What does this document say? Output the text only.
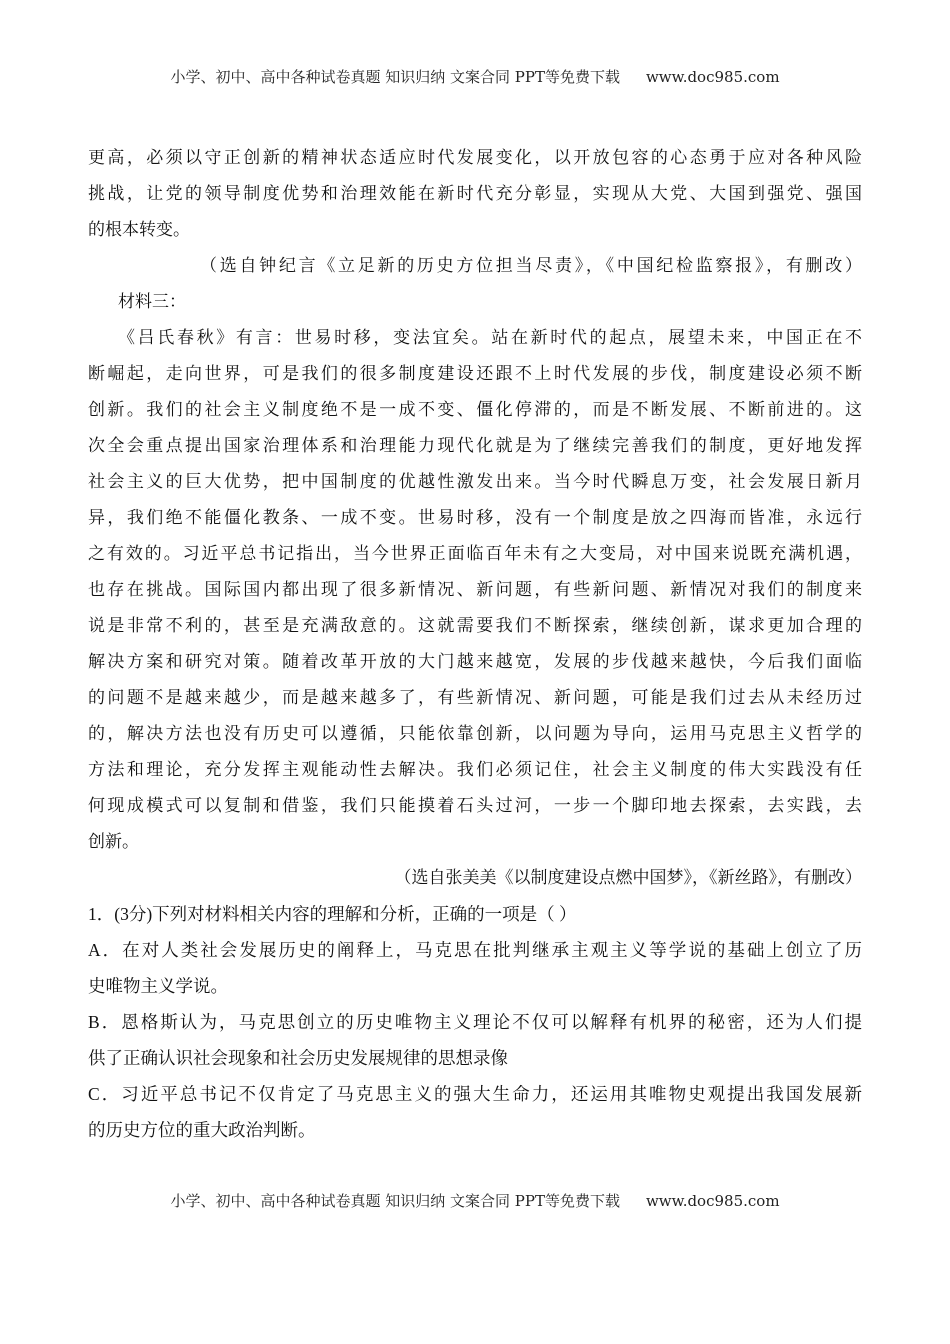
小学、初中、高中各种试卷真题 知识归纳 文案合同 PPT等免费下载 www.doc985.com
更高，必须以守正创新的精神状态适应时代发展变化，以开放包容的心态勇于应对各种风险
挑战，让党的领导制度优势和治理效能在新时代充分彰显，实现从大党、大国到强党、强国
的根本转变。
（选自钟纪言《立足新的历史方位担当尽责》，《中国纪检监察报》，有删改）
材料三：
《吕氏春秋》有言：世易时移，变法宜矣。站在新时代的起点，展望未来，中国正在不
断崛起，走向世界，可是我们的很多制度建设还跟不上时代发展的步伐，制度建设必须不断
创新。我们的社会主义制度绝不是一成不变、僵化停滞的，而是不断发展、不断前进的。这
次全会重点提出国家治理体系和治理能力现代化就是为了继续完善我们的制度，更好地发挥
社会主义的巨大优势，把中国制度的优越性激发出来。当今时代瞬息万变，社会发展日新月
异，我们绝不能僵化教条、一成不变。世易时移，没有一个制度是放之四海而皆准，永远行
之有效的。习近平总书记指出，当今世界正面临百年未有之大变局，对中国来说既充满机遇，
也存在挑战。国际国内都出现了很多新情况、新问题，有些新问题、新情况对我们的制度来
说是非常不利的，甚至是充满敌意的。这就需要我们不断探索，继续创新，谋求更加合理的
解决方案和研究对策。随着改革开放的大门越来越宽，发展的步伐越来越快，今后我们面临
的问题不是越来越少，而是越来越多了，有些新情况、新问题，可能是我们过去从未经历过
的，解决方法也没有历史可以遵循，只能依靠创新，以问题为导向，运用马克思主义哲学的
方法和理论，充分发挥主观能动性去解决。我们必须记住，社会主义制度的伟大实践没有任
何现成模式可以复制和借鉴，我们只能摸着石头过河，一步一个脚印地去探索，去实践，去
创新。
（选自张美美《以制度建设点燃中国梦》，《新丝路》，有删改）
1．(3分)下列对材料相关内容的理解和分析，正确的一项是（ ）
A．在对人类社会发展历史的阐释上，马克思在批判继承主观主义等学说的基础上创立了历
史唯物主义学说。
B．恩格斯认为，马克思创立的历史唯物主义理论不仅可以解释有机界的秘密，还为人们提
供了正确认识社会现象和社会历史发展规律的思想录像
C．习近平总书记不仅肯定了马克思主义的强大生命力，还运用其唯物史观提出我国发展新
的历史方位的重大政治判断。
小学、初中、高中各种试卷真题 知识归纳 文案合同 PPT等免费下载 www.doc985.com
